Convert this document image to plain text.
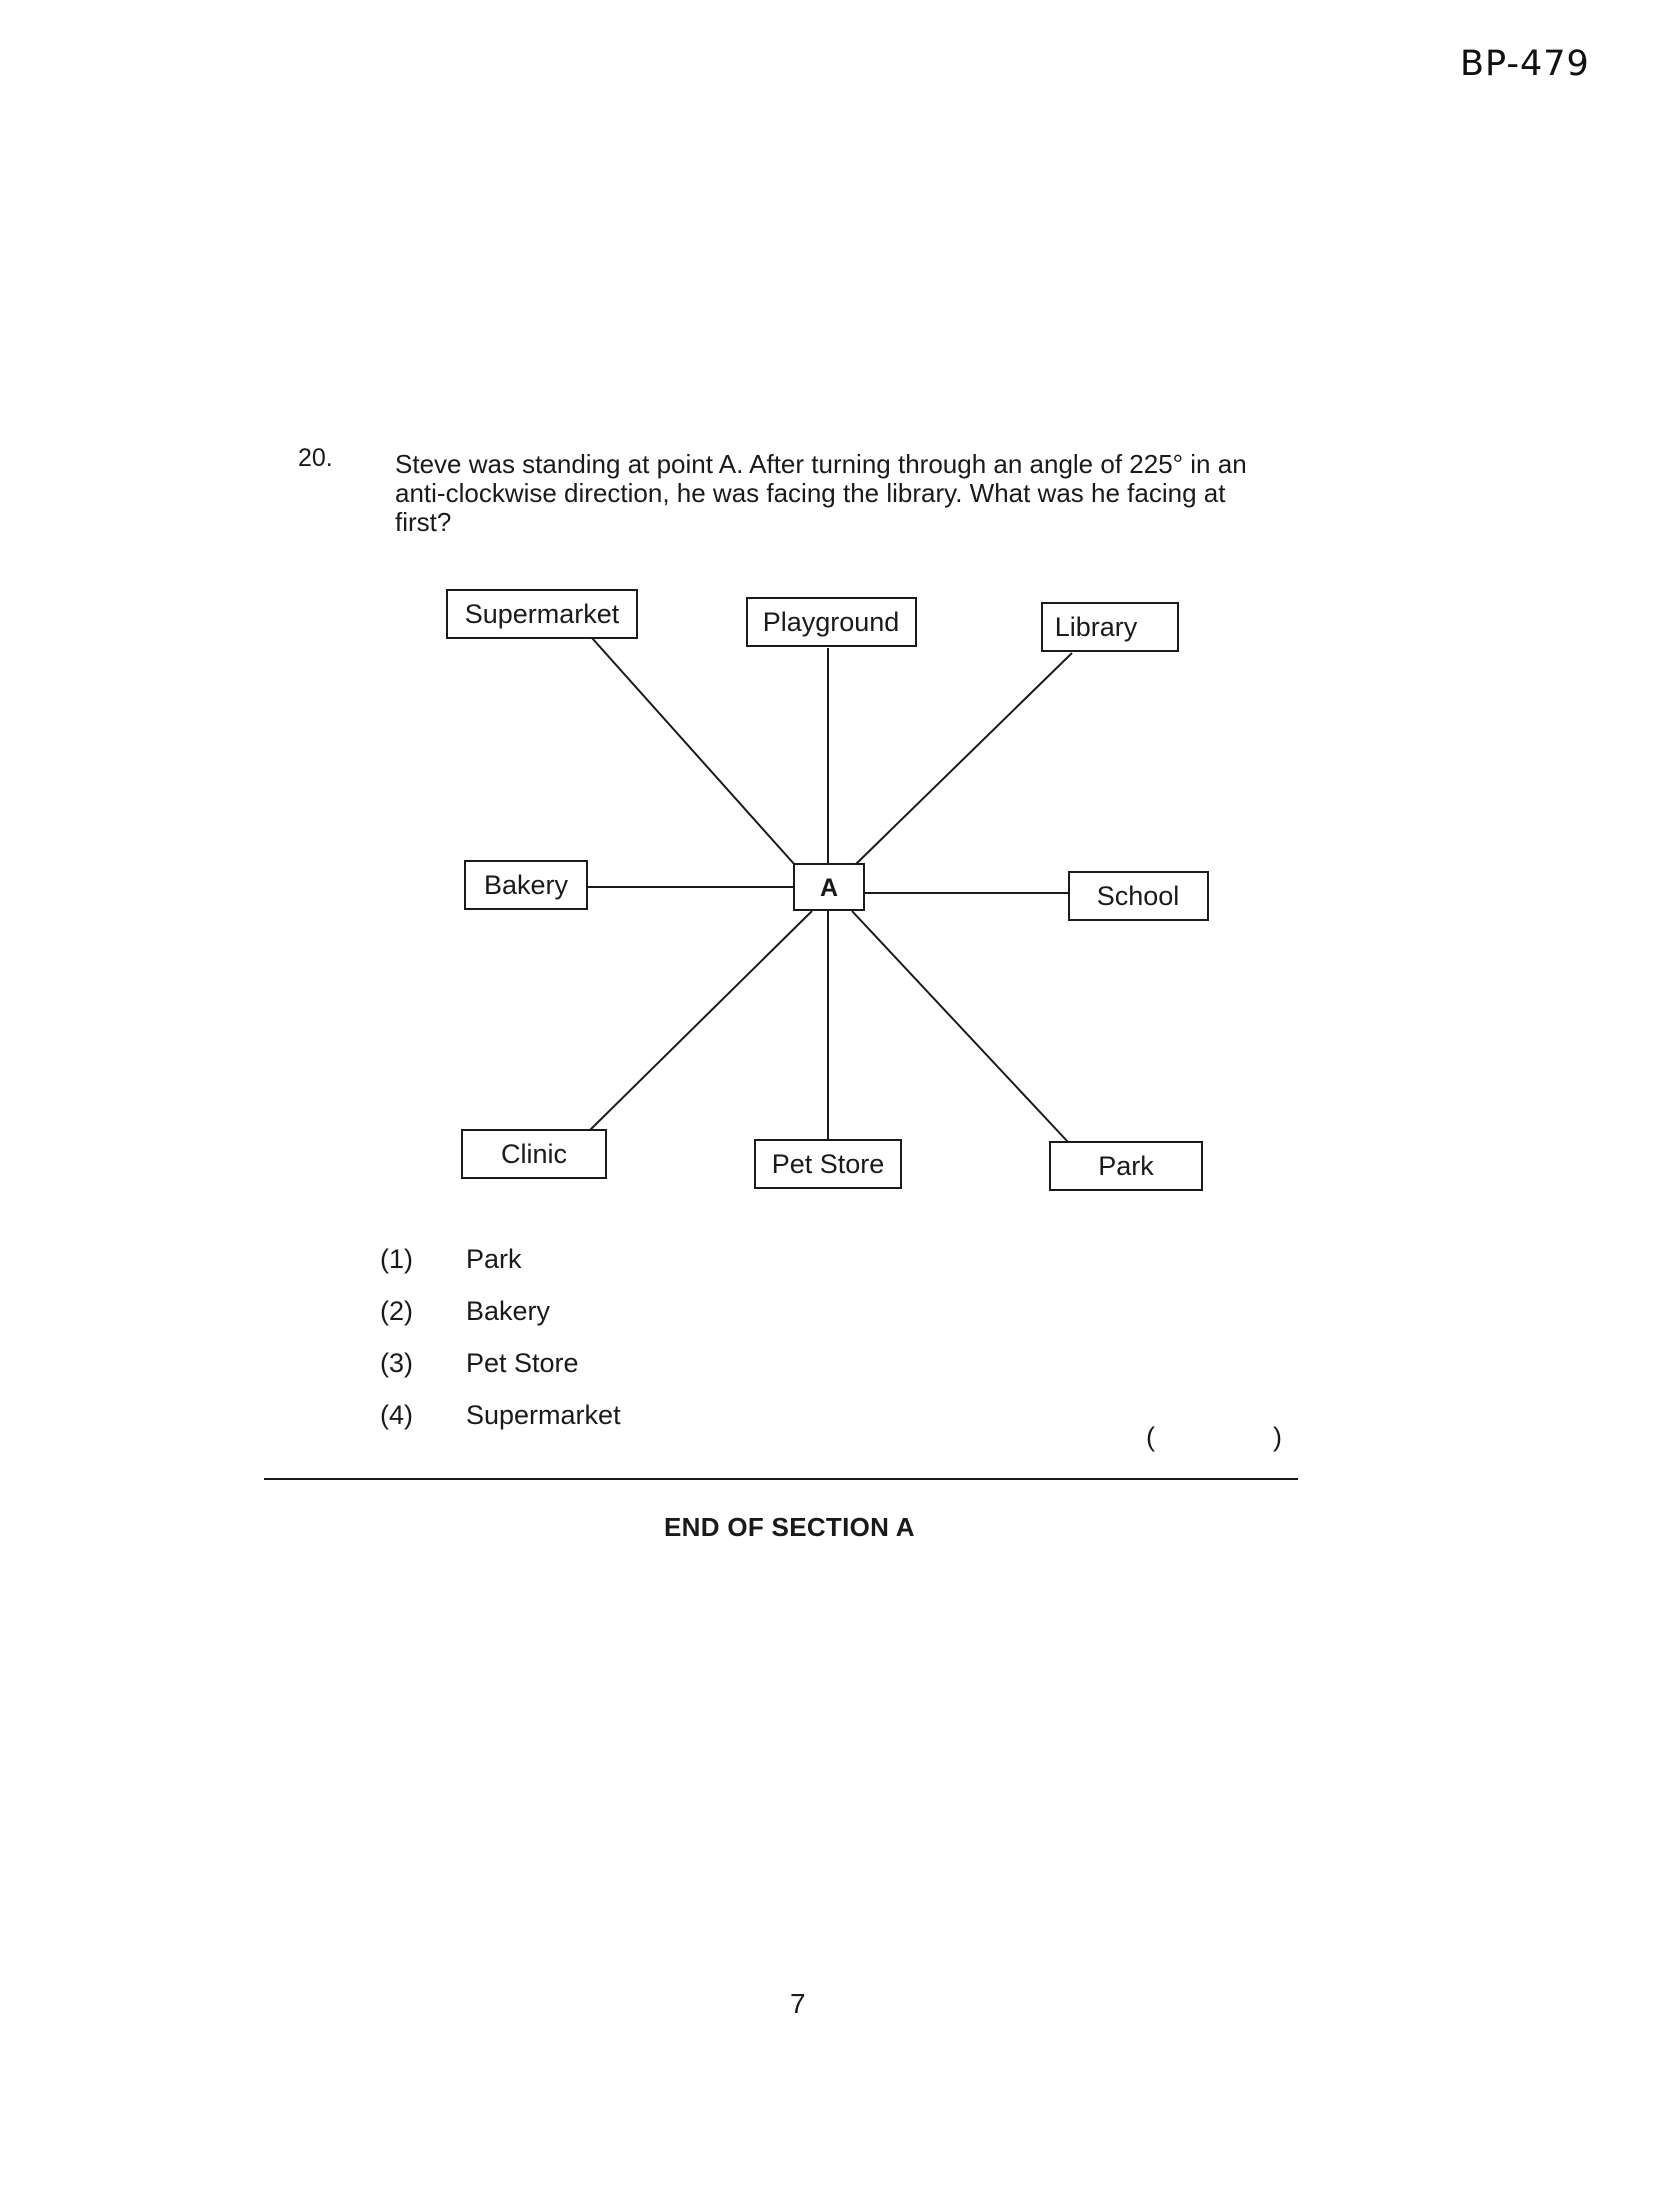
BP-479
20. Steve was standing at point A. After turning through an angle of 225° in an anti-clockwise direction, he was facing the library. What was he facing at first?
A
Supermarket	Playground	Library
Bakery	School
Clinic	Pet Store	Park
(1) Park
(2) Bakery
(3) Pet Store
(4) Supermarket
(	)
END OF SECTION A
7
